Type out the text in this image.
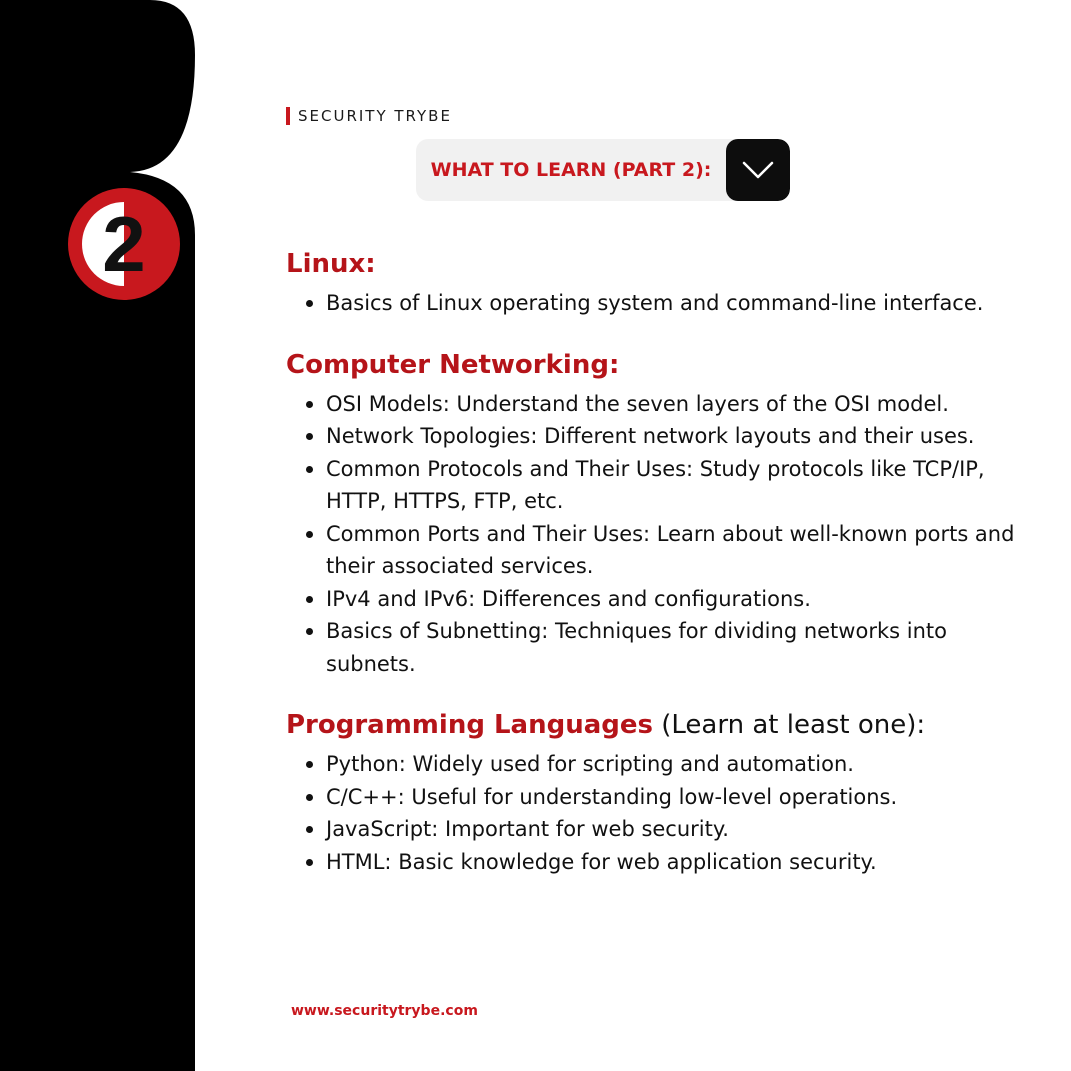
2
SECURITY TRYBE
WHAT TO LEARN (PART 2):
Linux:
Basics of Linux operating system and command-line interface.
Computer Networking:
OSI Models: Understand the seven layers of the OSI model.
Network Topologies: Different network layouts and their uses.
Common Protocols and Their Uses: Study protocols like TCP/IP, HTTP, HTTPS, FTP, etc.
Common Ports and Their Uses: Learn about well-known ports and their associated services.
IPv4 and IPv6: Differences and configurations.
Basics of Subnetting: Techniques for dividing networks into subnets.
Programming Languages (Learn at least one):
Python: Widely used for scripting and automation.
C/C++: Useful for understanding low-level operations.
JavaScript: Important for web security.
HTML: Basic knowledge for web application security.
www.securitytrybe.com
